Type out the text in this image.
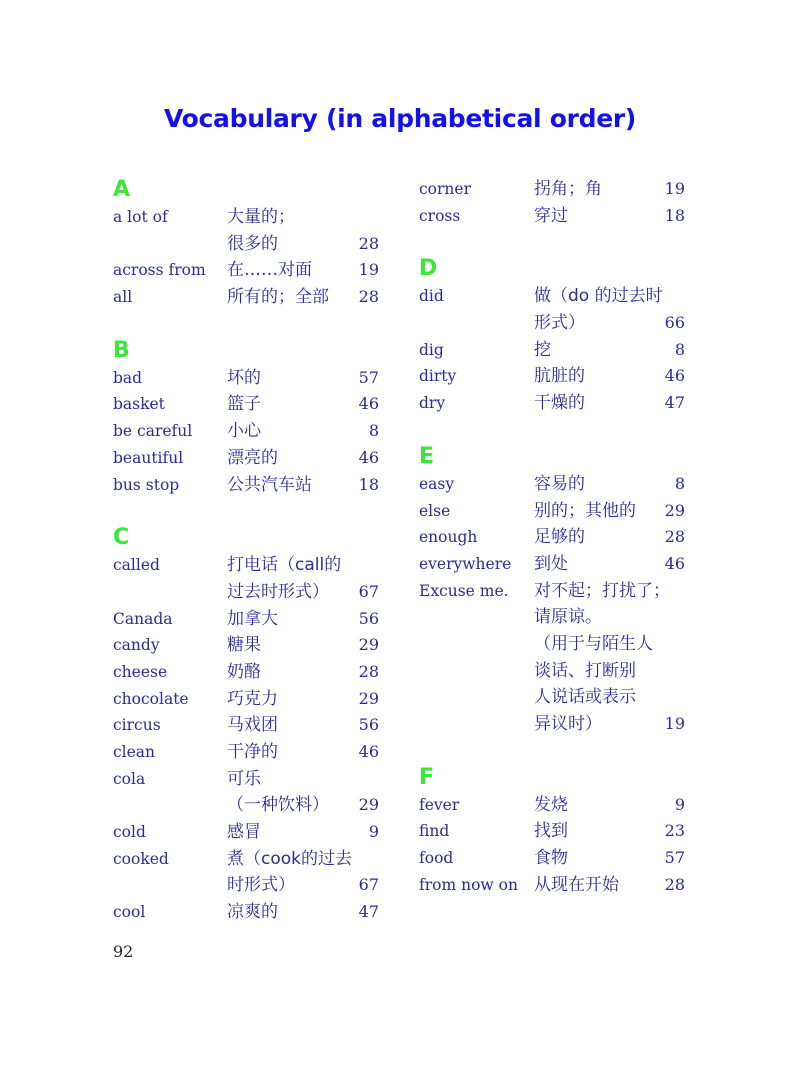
Vocabulary (in alphabetical order)
A
a lot of	大量的；
很多的	28
across from 在……对面	19
all	所有的；全部 28
B
bad	坏的	57
basket	篮子	46
be careful 小心	8
beautiful	漂亮的	46
bus stop	公共汽车站	18
C
called	打电话（call的
过去时形式） 67
Canada	加拿大	56
candy	糖果	29
cheese	奶酪	28
chocolate 巧克力	29
circus	马戏团	56
clean	干净的	46
cola	可乐
（一种饮料） 29
cold	感冒	9
cooked	煮（cook的过去
时形式）	67
cool	凉爽的	47
corner	拐角；角	19
cross	穿过	18
D
did	做（do 的过去时
形式）	66
dig	挖	8
dirty	肮脏的	46
dry	干燥的	47
E
easy	容易的	8
else	别的；其他的 29
enough	足够的	28
everywhere 到处	46
Excuse me. 对不起；打扰了；
请原谅。
（用于与陌生人
谈话、打断别
人说话或表示
异议时）	19
F
fever	发烧	9
find	找到	23
food	食物	57
from now on 从现在开始	28
92
